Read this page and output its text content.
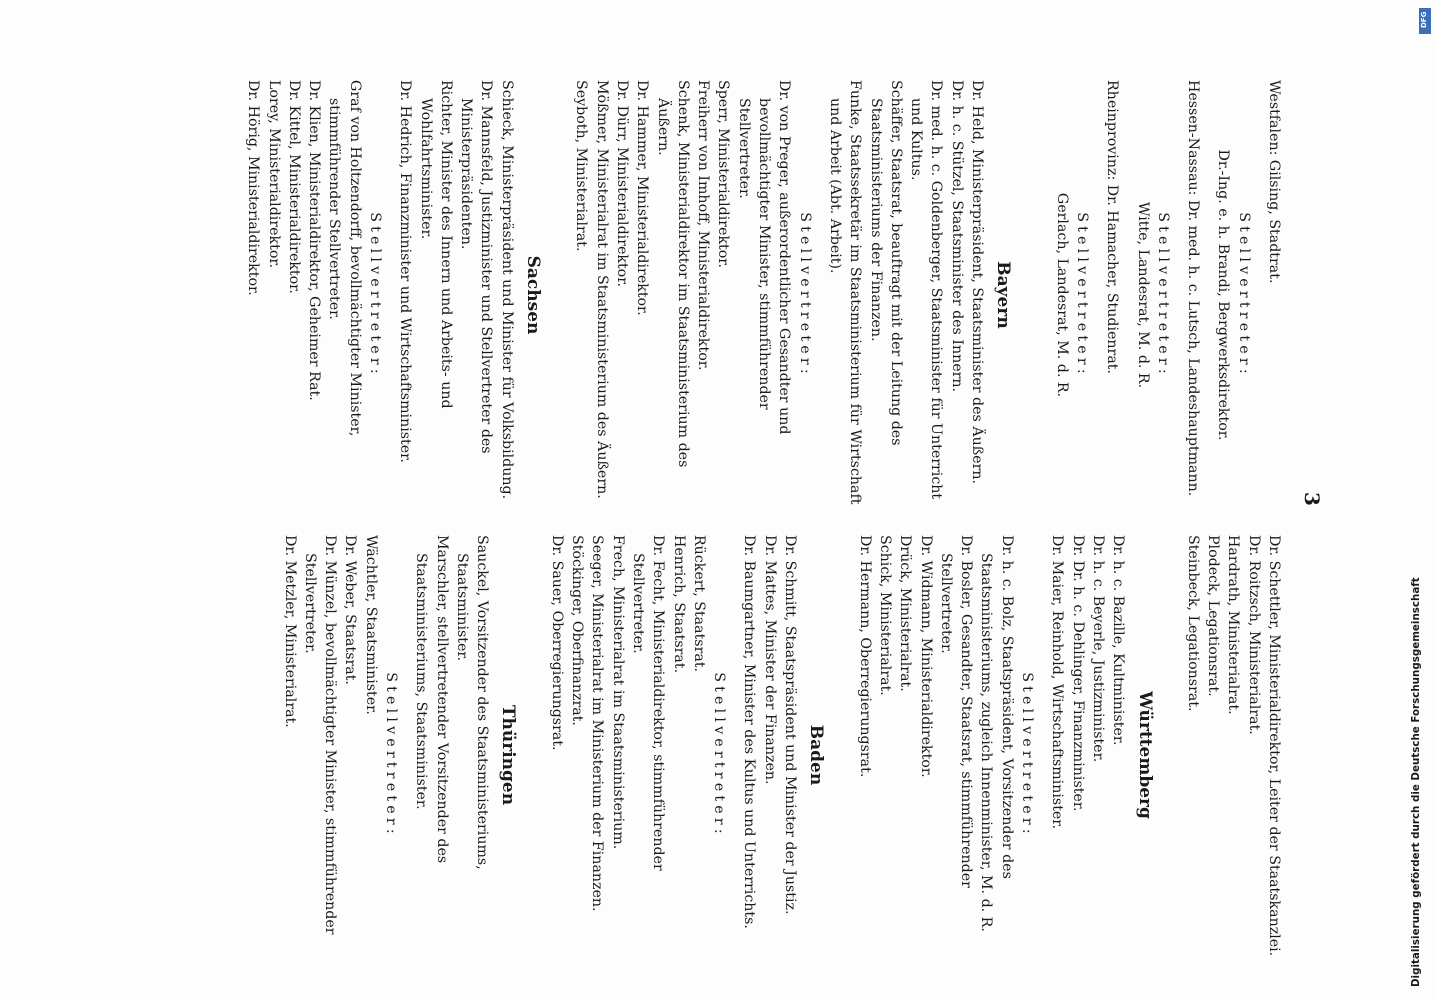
3
Westfalen: Gilsing, Stadtrat.
Stellvertreter:
Dr.-Ing. e. h. Brandi, Bergwerksdirektor.
Hessen-Nassau: Dr. med. h. c. Lutsch, Landeshauptmann.
Stellvertreter:
Witte, Landesrat, M. d. R.
Rheinprovinz: Dr. Hamacher, Studienrat.
Stellvertreter:
Gerlach, Landesrat, M. d. R.
Bayern
Dr. Held, Ministerpräsident, Staatsminister des Äußern.
Dr. h. c. Stützel, Staatsminister des Innern.
Dr. med. h. c. Goldenberger, Staatsminister für Unterricht und Kultus.
Schäffer, Staatsrat, beauftragt mit der Leitung des Staatsministeriums der Finanzen.
Funke, Staatssekretär im Staatsministerium für Wirtschaft und Arbeit (Abt. Arbeit).
Stellvertreter:
Dr. von Preger, außerordentlicher Gesandter und bevollmächtigter Minister, stimmführender Stellvertreter.
Sperr, Ministerialdirektor.
Freiherr von Imhoff, Ministerialdirektor.
Schenk, Ministerialdirektor im Staatsministerium des Äußern.
Dr. Hammer, Ministerialdirektor.
Dr. Dürr, Ministerialdirektor.
Mößmer, Ministerialrat im Staatsministerium des Äußern.
Seyboth, Ministerialrat.
Sachsen
Schieck, Ministerpräsident und Minister für Volksbildung.
Dr. Mannsfeld, Justizminister und Stellvertreter des Ministerpräsidenten.
Richter, Minister des Innern und Arbeits- und Wohlfahrtsminister.
Dr. Hedrich, Finanzminister und Wirtschaftsminister.
Stellvertreter:
Graf von Holtzendorff, bevollmächtigter Minister, stimmführender Stellvertreter.
Dr. Klien, Ministerialdirektor, Geheimer Rat.
Dr. Kittel, Ministerialdirektor.
Lorey, Ministerialdirektor.
Dr. Hörig, Ministerialdirektor.
Dr. Schettler, Ministerialdirektor, Leiter der Staatskanzlei.
Dr. Roitzsch, Ministerialrat.
Hardrath, Ministerialrat.
Plodeck, Legationsrat.
Steinbeck, Legationsrat.
Württemberg
Dr. h. c. Bazille, Kultminister.
Dr. h. c. Beyerle, Justizminister.
Dr. Dr. h. c. Dehlinger, Finanzminister.
Dr. Maier, Reinhold, Wirtschaftsminister.
Stellvertreter:
Dr. h. c. Bolz, Staatspräsident, Vorsitzender des Staatsministeriums, zugleich Innenminister, M. d. R.
Dr. Bosler, Gesandter, Staatsrat, stimmführender Stellvertreter.
Dr. Widmann, Ministerialdirektor.
Drück, Ministerialrat.
Schick, Ministerialrat.
Dr. Hermann, Oberregierungsrat.
Baden
Dr. Schmitt, Staatspräsident und Minister der Justiz.
Dr. Mattes, Minister der Finanzen.
Dr. Baumgartner, Minister des Kultus und Unterrichts.
Stellvertreter:
Rückert, Staatsrat.
Henrich, Staatsrat.
Dr. Fecht, Ministerialdirektor, stimmführender Stellvertreter.
Frech, Ministerialrat im Staatsministerium.
Seeger, Ministerialrat im Ministerium der Finanzen.
Stöckinger, Oberfinanzrat.
Dr. Sauer, Oberregierungsrat.
Thüringen
Sauckel, Vorsitzender des Staatsministeriums, Staatsminister.
Marschler, stellvertretender Vorsitzender des Staatsministeriums, Staatsminister.
Stellvertreter:
Wächtler, Staatsminister.
Dr. Weber, Staatsrat.
Dr. Münzel, bevollmächtigter Minister, stimmführender Stellvertreter.
Dr. Metzler, Ministerialrat.	Digitalisierung gefördert durch die Deutsche Forschungsgemeinschaft
DFG
